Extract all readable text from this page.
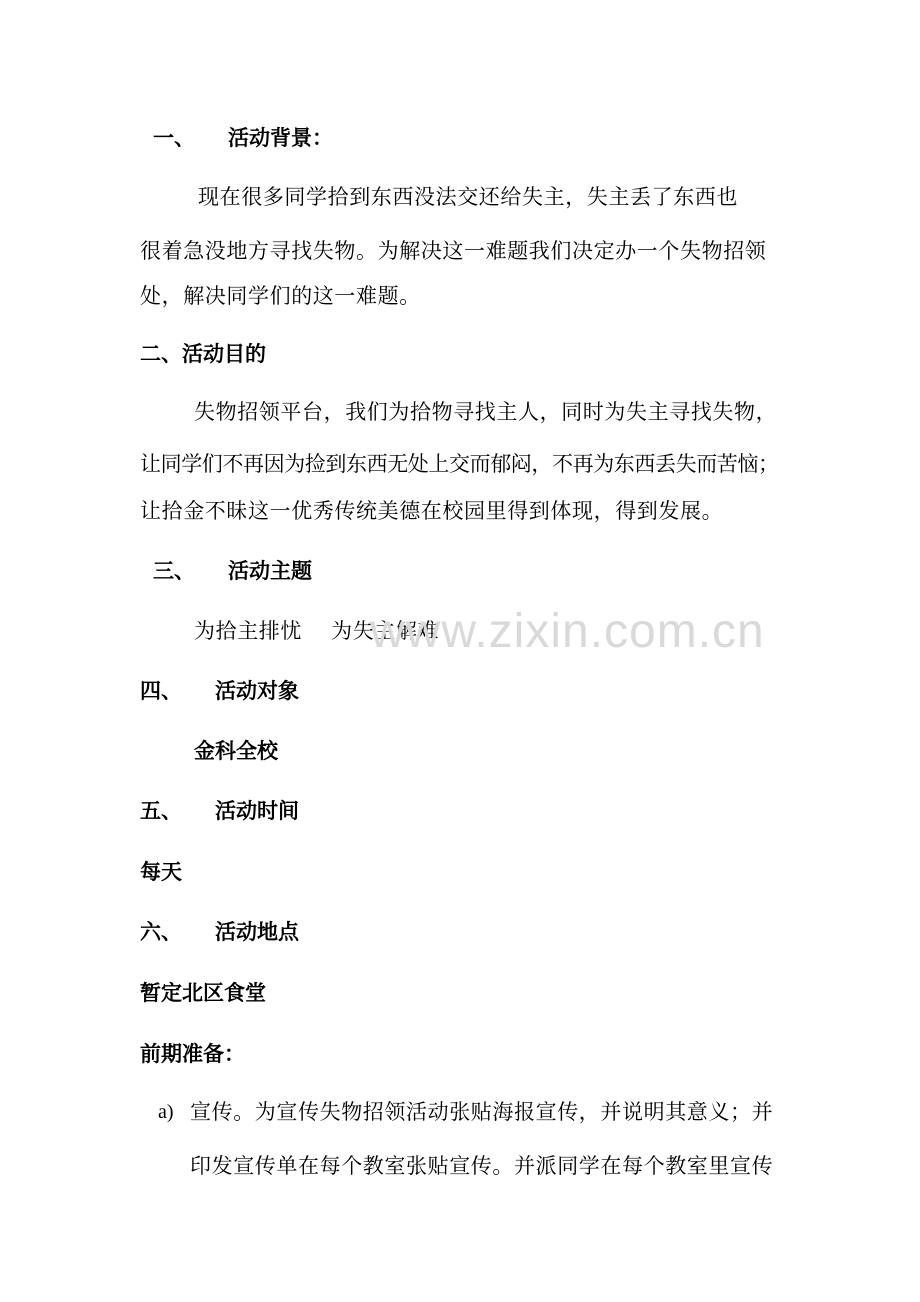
一、 活动背景：
现在很多同学拾到东西没法交还给失主，失主丢了东西也
很着急没地方寻找失物。为解决这一难题我们决定办一个失物招领
处，解决同学们的这一难题。
二、活动目的
失物招领平台，我们为拾物寻找主人，同时为失主寻找失物，
让同学们不再因为捡到东西无处上交而郁闷，不再为东西丢失而苦恼；
让拾金不昧这一优秀传统美德在校园里得到体现，得到发展。
三、 活动主题
为拾主排忧    为失主解难
四、 活动对象
金科全校
五、 活动时间
每天
六、 活动地点
暂定北区食堂
前期准备：
a) 宣传。为宣传失物招领活动张贴海报宣传，并说明其意义；并
印发宣传单在每个教室张贴宣传。并派同学在每个教室里宣传
www.zixin.com.cn
